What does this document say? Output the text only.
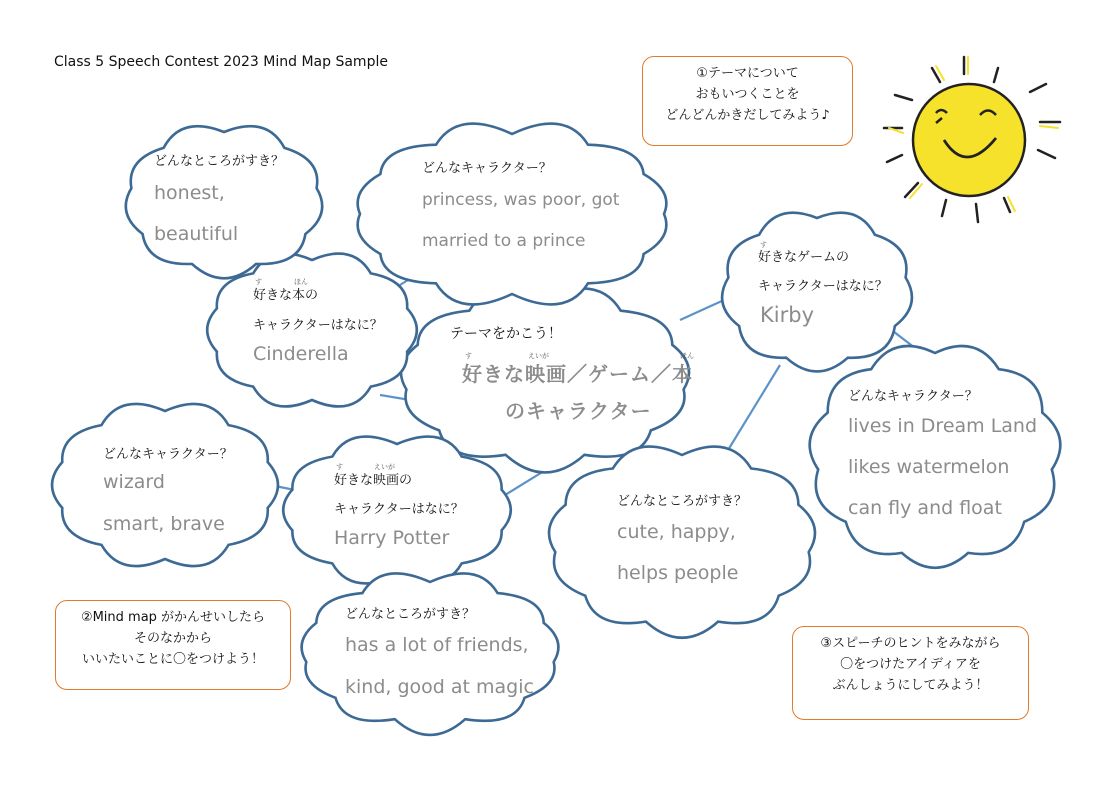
Class 5 Speech Contest 2023 Mind Map Sample
①テーマについて
おもいつくことを
どんどんかきだしてみよう♪
②Mind map がかんせいしたら
そのなかから
いいたいことに〇をつけよう！
③スピーチのヒントをみながら
〇をつけたアイディアを
ぶんしょうにしてみよう！
テーマをかこう！
す	えいが	ほん
好きな映画／ゲーム／本
のキャラクター
す	ほん
好きな本の
キャラクターはなに？
Cinderella
どんなところがすき？
honest,
beautiful
どんなキャラクター？
princess, was poor, got
married to a prince
す	えいが
好きな映画の
キャラクターはなに？
Harry Potter
どんなキャラクター？
wizard
smart, brave
どんなところがすき？
has a lot of friends,
kind, good at magic
す
好きなゲームの
キャラクターはなに？
Kirby
どんなキャラクター？
lives in Dream Land
likes watermelon
can fly and float
どんなところがすき？
cute, happy,
helps people
